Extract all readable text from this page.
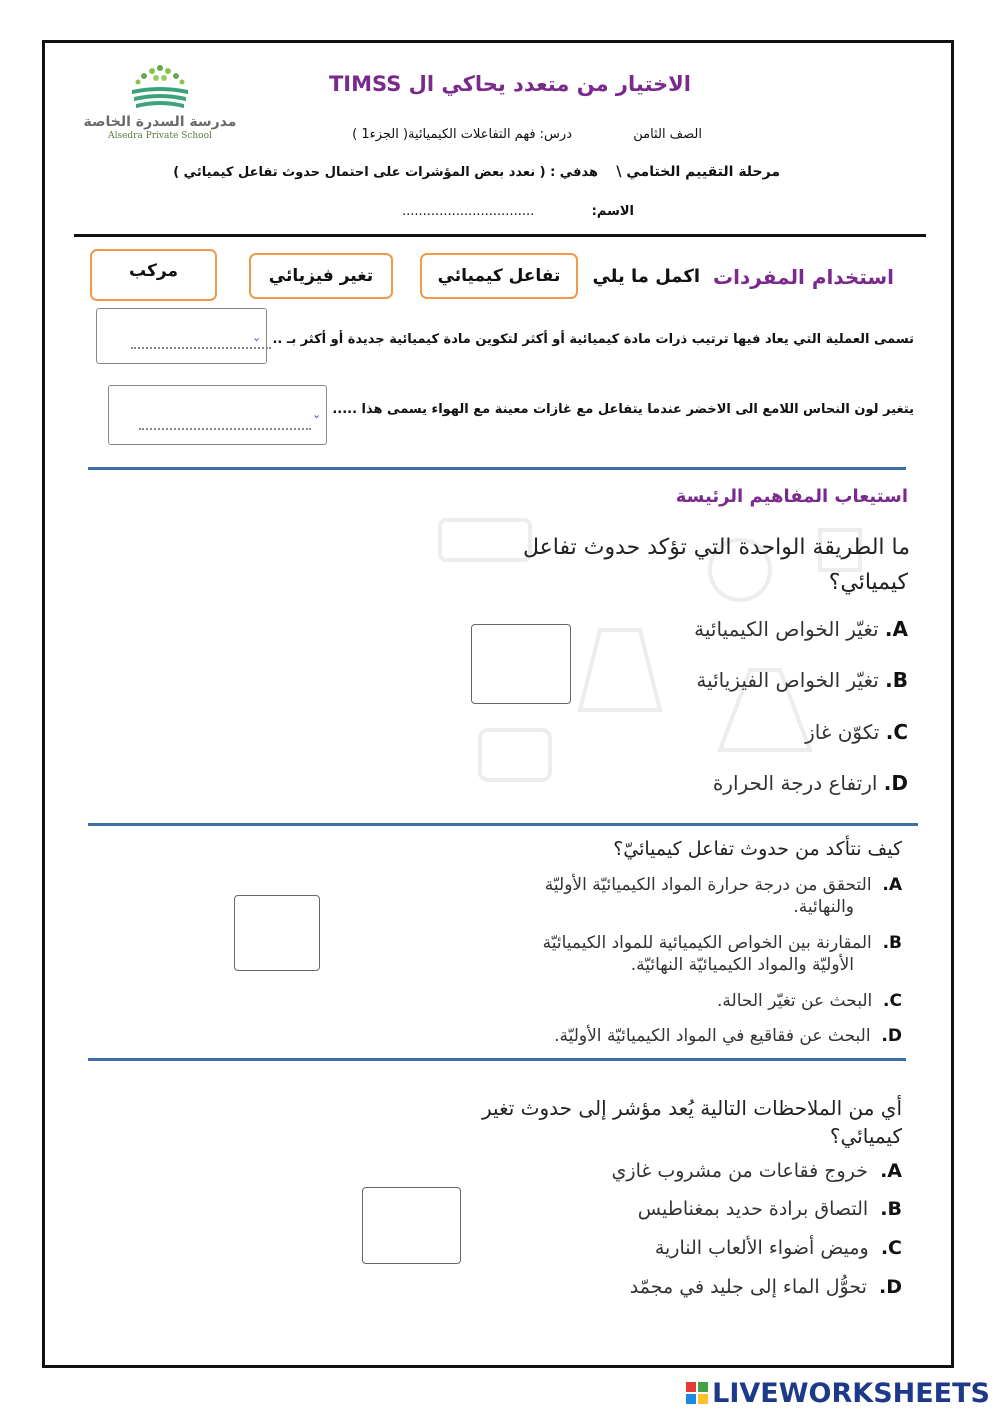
مدرسة السدرة الخاصة
Alsedra Private School
الاختيار من متعدد يحاكي ال TIMSS
الصف الثامن
درس: فهم التفاعلات الكيميائية( الجزء1 )
مرحلة التقييم الختامي \
هدفي : ( نعدد بعض المؤشرات على احتمال حدوث تفاعل كيميائي )
الاسم:
................................
استخدام المفردات
اكمل ما يلي
تفاعل كيميائي
تغير فيزيائي
مركب
تسمى العملية التي يعاد فيها ترتيب ذرات مادة كيميائية أو أكثر لتكوين مادة كيميائية جديدة أو أكثر بـ ..
⌄
يتغير لون النحاس اللامع الى الاخضر عندما يتفاعل مع غازات معينة مع الهواء يسمى هذا .....
⌄
استيعاب المفاهيم الرئيسة
ما الطريقة الواحدة التي تؤكد حدوث تفاعل
كيميائي؟
A. تغيّر الخواص الكيميائية
B. تغيّر الخواص الفيزيائية
C. تكوّن غاز
D. ارتفاع درجة الحرارة
كيف نتأكد من حدوث تفاعل كيميائيّ؟
A.  التحقق من درجة حرارة المواد الكيميائيّة الأوليّة
والنهائية.
B.  المقارنة بين الخواص الكيميائية للمواد الكيميائيّة
الأوليّة والمواد الكيميائيّة النهائيّة.
C.  البحث عن تغيّر الحالة.
D.  البحث عن فقاقيع في المواد الكيميائيّة الأوليّة.
أي من الملاحظات التالية يُعد مؤشر إلى حدوث تغير
كيميائي؟
A.  خروج فقاعات من مشروب غازي
B.  التصاق برادة حديد بمغناطيس
C.  وميض أضواء الألعاب النارية
D.  تحوُّل الماء إلى جليد في مجمّد
LIVEWORKSHEETS
